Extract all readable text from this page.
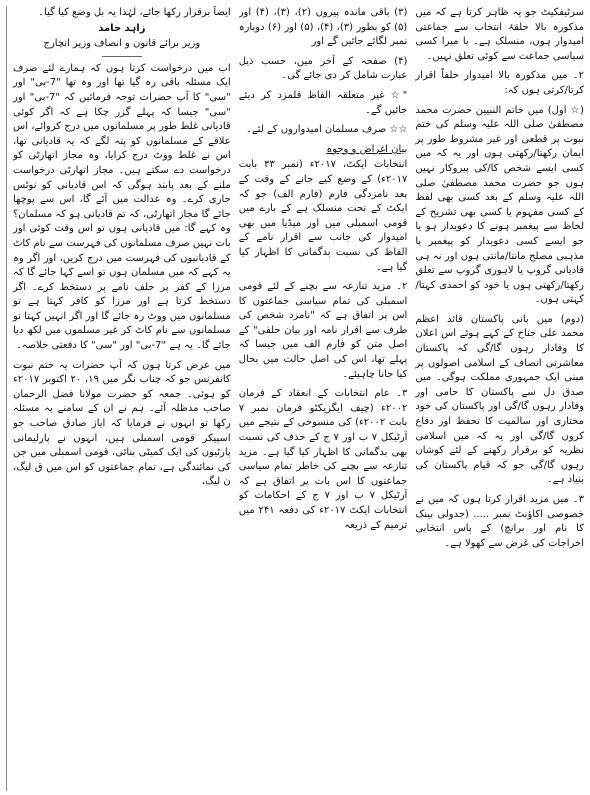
سرٹیفکیٹ جو یہ ظاہر کرتا ہے کہ میں مذکورہ بالا حلقۂ انتخاب سے جماعتی امیدوار ہوں، منسلک ہے۔ یا میرا کسی سیاسی جماعت سے کوئی تعلق نہیں۔

۲۔ میں مذکورہ بالا امیدوار حلفاً اقرار کرتا/کرتی ہوں کہ:

(☆ اول) میں خاتم النبیین حضرت محمد مصطفیٰ صلی اللہ علیہ وسلم کی ختم نبوت پر قطعی اور غیر مشروط طور پر ایمان رکھتا/رکھتی ہوں اور یہ کہ میں کسی ایسے شخص کا/کی پیروکار نہیں ہوں جو حضرت محمد مصطفیٰ صلی اللہ علیہ وسلم کے بعد کسی بھی لفظ کے کسی مفہوم یا کسی بھی تشریح کے لحاظ سے پیغمبر ہونے کا دعویدار ہو یا جو ایسے کسی دعویدار کو پیغمبر یا مذہبی مصلح مانتا/مانتی ہوں اور نہ ہی قادیانی گروپ یا لاہوری گروپ سے تعلق رکھتا/رکھتی ہوں یا خود کو احمدی کہتا/کہتی ہوں۔

(دوم) میں بانی پاکستان قائد اعظم محمد علی جناح کے کہے ہوئے اس اعلان کا وفادار رہوں گا/گی کہ پاکستان معاشرتی انصاف کے اسلامی اصولوں پر مبنی ایک جمہوری مملکت ہوگی۔ میں صدق دل سے پاکستان کا حامی اور وفادار رہوں گا/گی اور پاکستان کی خود مختاری اور سالمیت کا تحفظ اور دفاع کروں گا/گی اور یہ کہ میں اسلامی نظریہ کو برقرار رکھنے کے لئے کوشاں رہوں گا/گی جو کہ قیام پاکستان کی بنیاد ہے۔

۳۔ میں مزید اقرار کرتا ہوں کہ میں نے خصوصی اکاؤنٹ نمبر ..... (جدولی بینک کا نام اور برانچ) کے پاس انتخابی اخراجات کی غرض سے کھولا ہے۔

(۳) باقی ماندہ پیروں (۲)، (۳)، (۴) اور (۵) کو بطور (۳)، (۴)، (۵) اور (۶) دوبارہ نمبر لگائے جائیں گے اور

(۴) صفحہ کے آخر میں، حسب ذیل عبارت شامل کر دی جائے گی۔

"☆ غیر متعلقہ الفاظ قلمزد کر دیئے جائیں گے۔

☆☆ صرف مسلمان امیدواروں کے لئے۔

بیان اغراض و وجوہ

انتخابات ایکٹ، ۲۰۱۷ء (نمبر ۳۳ بابت ۲۰۱۷ء) کے وضع کیے جانے کے وقت کے بعد نامزدگی فارم (فارم الف) جو کہ ایکٹ کے تحت منسلک ہے کے بارے میں قومی اسمبلی میں اور میڈیا میں بھی امیدوار کی جانب سے اقرار نامے کے الفاظ کی نسبت بدگمانی کا اظہار کیا گیا ہے۔

۲۔ مزید تنازعہ سے بچنے کے لئے قومی اسمبلی کی تمام سیاسی جماعتوں کا اس پر اتفاق ہے کہ "نامزد شخص کی طرف سے اقرار نامہ اور بیان حلفی" کے اصل متن کو فارم الف میں جیسا کہ پہلے تھا، اس کی اصل حالت میں بحال کیا جانا چاہیئے۔

۳۔ عام انتخابات کے انعقاد کے فرمان ۲۰۰۲ء (چیف ایگزیکٹو فرمان نمبر ۷ بابت ۲۰۰۲ء) کی منسوخی کے نتیجے میں آرٹیکل ۷ ب اور ۷ ج کے حذف کی نسبت بھی بدگمانی کا اظہار کیا گیا ہے۔ مزید تنازعہ سے بچنے کی خاطر تمام سیاسی جماعتوں کا اس بات پر اتفاق ہے کہ آرٹیکل ۷ ب اور ۷ ج کے احکامات کو انتخابات ایکٹ ۲۰۱۷ء کی دفعہ ۲۴۱ میں ترمیم کے ذریعہ

ایضاً برقرار رکھا جائے، لہٰذا یہ بل وضع کیا گیا۔

زاہد حامد

وزیر برائے قانون و انصاف وزیر انچارج

اب میں درخواست کرتا ہوں کہ ہمارے لئے صرف ایک مسئلہ باقی رہ گیا تھا اور وہ تھا "7-بی" اور "سی" کا آپ حضرات توجہ فرمائیں کہ "7-بی" اور "سی" جیسا کہ پہلے گزر چکا ہے کہ اگر کوئی قادیانی غلط طور پر مسلمانوں میں درج کروائے، اس علاقے کے مسلمانوں کو پتہ لگے کہ یہ قادیانی تھا، اس نے غلط ووٹ درج کرایا، وہ مجاز اتھارٹی کو درخواست دے سکتے ہیں۔ مجاز اتھارٹی درخواست ملنے کے بعد پابند ہوگی کہ اس قادیانی کو نوٹس جاری کرے۔ وہ عدالت میں آئے گا، اس سے پوچھا جائے گا مجاز اتھارٹی، کہ تم قادیانی ہو کہ مسلمان؟ وہ کہے گا: میں قادیانی ہوں تو اس وقت کوئی اور بات نہیں صرف مسلمانوں کی فہرست سے نام کاٹ کے قادیانیوں کی فہرست میں درج کریں، اور اگر وہ یہ کہے کہ میں مسلمان ہوں تو اسے کہا جائے گا کہ مرزا کے کفر پر حلف نامے پر دستخط کرے۔ اگر دستخط کرتا ہے اور مرزا کو کافر کہتا ہے تو مسلمانوں میں ووٹ رہ جائے گا اور اگر انہیں کہتا تو مسلمانوں سے نام کاٹ کر غیر مسلموں میں لکھ دیا جائے گا۔ یہ ہے "7-بی" اور "سی" کا دفعتی خلاصہ۔

میں عرض کرتا ہوں کہ آپ حضرات یہ ختم نبوت کانفرنس جو کہ چناب نگر میں ۱۹، ۲۰ اکتوبر ۲۰۱۷ء کو ہوئی۔ جمعہ کو حضرت مولانا فضل الرحمان صاحب مدظلہ آئے۔ ہم نے ان کے سامنے یہ مسئلہ رکھا تو انہوں نے فرمایا کہ ایاز صادق صاحب جو اسپیکر قومی اسمبلی ہیں، انہوں نے پارلیمانی پارٹیوں کی ایک کمیٹی بنائی، قومی اسمبلی میں جن کی نمائندگی ہے، تمام جماعتوں کو اس میں ق لیگ، ن لیگ،
